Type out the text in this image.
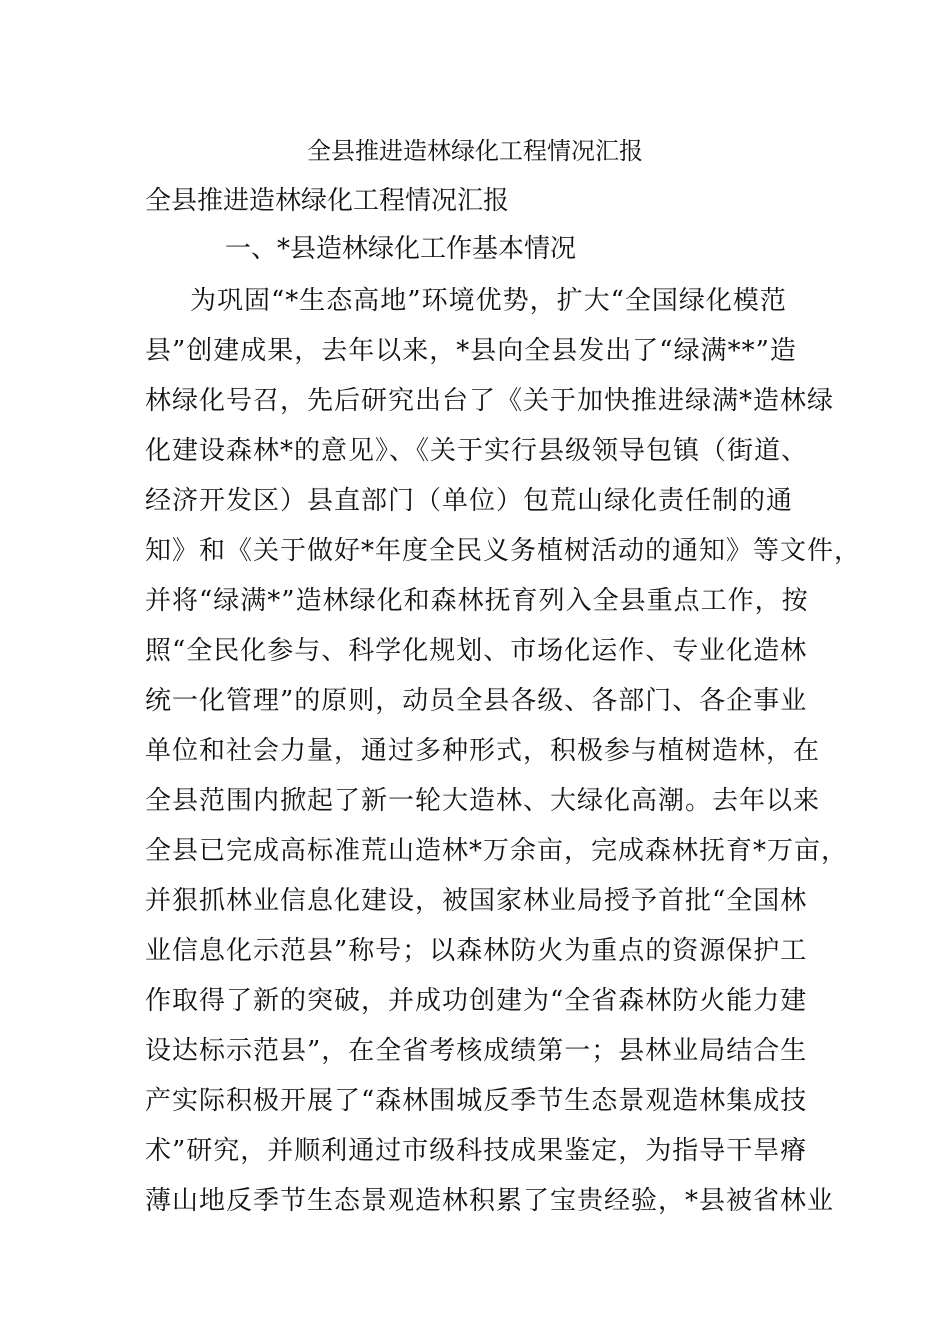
全县推进造林绿化工程情况汇报
全县推进造林绿化工程情况汇报
一、*县造林绿化工作基本情况
为巩固“*生态高地”环境优势，扩大“全国绿化模范
县”创建成果，去年以来，*县向全县发出了“绿满**”造
林绿化号召，先后研究出台了《关于加快推进绿满*造林绿
化建设森林*的意见》、《关于实行县级领导包镇（街道、
经济开发区）县直部门（单位）包荒山绿化责任制的通
知》和《关于做好*年度全民义务植树活动的通知》等文件，
并将“绿满*”造林绿化和森林抚育列入全县重点工作，按
照“全民化参与、科学化规划、市场化运作、专业化造林
统一化管理”的原则，动员全县各级、各部门、各企事业
单位和社会力量，通过多种形式，积极参与植树造林，在
全县范围内掀起了新一轮大造林、大绿化高潮。去年以来
全县已完成高标准荒山造林*万余亩，完成森林抚育*万亩，
并狠抓林业信息化建设，被国家林业局授予首批“全国林
业信息化示范县”称号；以森林防火为重点的资源保护工
作取得了新的突破，并成功创建为“全省森林防火能力建
设达标示范县”，在全省考核成绩第一；县林业局结合生
产实际积极开展了“森林围城反季节生态景观造林集成技
术”研究，并顺利通过市级科技成果鉴定，为指导干旱瘠
薄山地反季节生态景观造林积累了宝贵经验，*县被省林业
